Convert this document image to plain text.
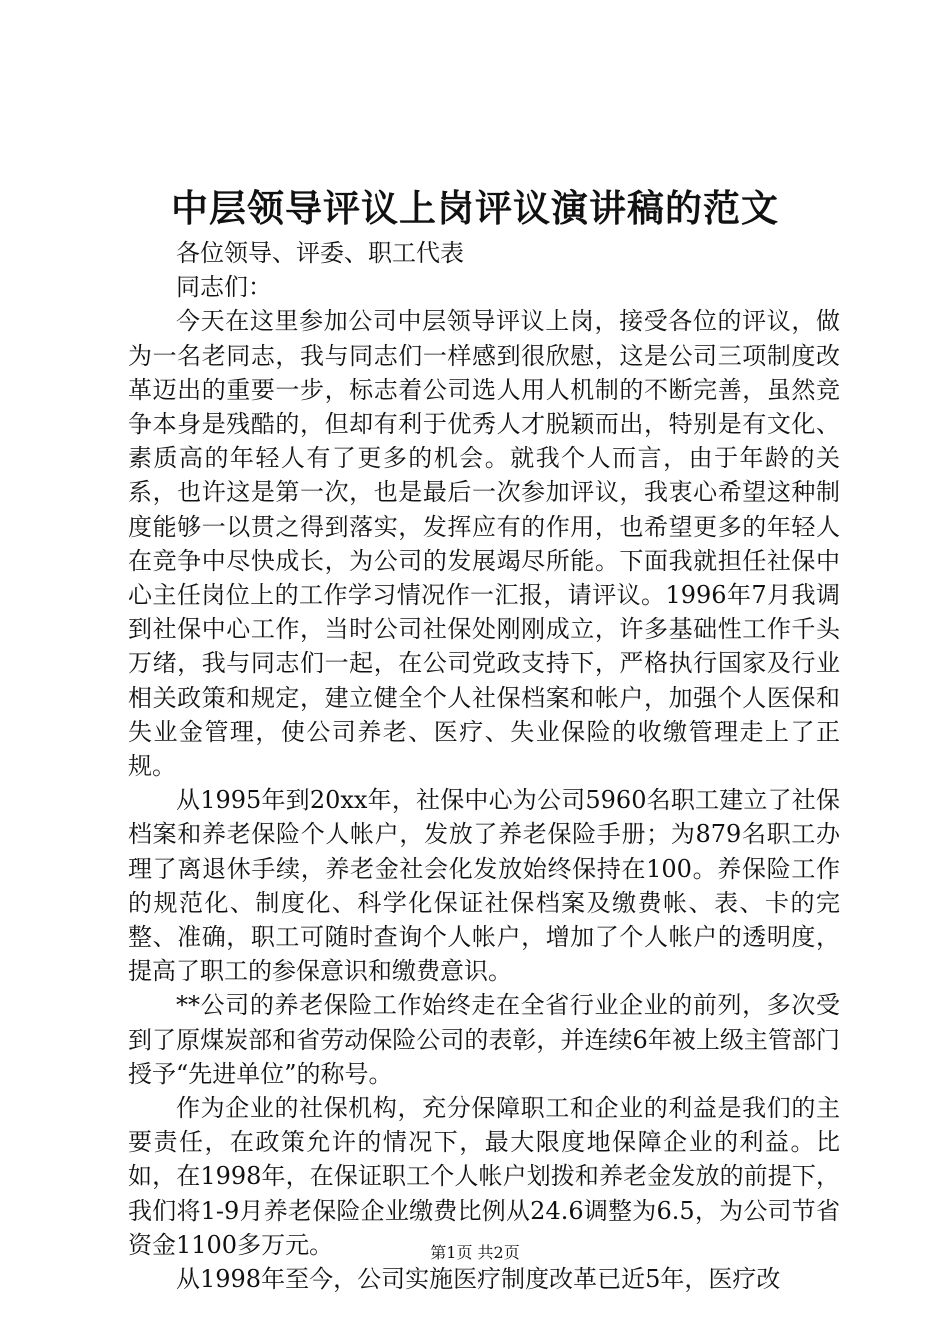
中层领导评议上岗评议演讲稿的范文

各位领导、评委、职工代表

同志们：

今天在这里参加公司中层领导评议上岗，接受各位的评议，做为一名老同志，我与同志们一样感到很欣慰，这是公司三项制度改革迈出的重要一步，标志着公司选人用人机制的不断完善，虽然竞争本身是残酷的，但却有利于优秀人才脱颖而出，特别是有文化、素质高的年轻人有了更多的机会。就我个人而言，由于年龄的关系，也许这是第一次，也是最后一次参加评议，我衷心希望这种制度能够一以贯之得到落实，发挥应有的作用，也希望更多的年轻人在竞争中尽快成长，为公司的发展竭尽所能。下面我就担任社保中心主任岗位上的工作学习情况作一汇报，请评议。1996年7月我调到社保中心工作，当时公司社保处刚刚成立，许多基础性工作千头万绪，我与同志们一起，在公司党政支持下，严格执行国家及行业相关政策和规定，建立健全个人社保档案和帐户，加强个人医保和失业金管理，使公司养老、医疗、失业保险的收缴管理走上了正规。

从1995年到20xx年，社保中心为公司5960名职工建立了社保档案和养老保险个人帐户，发放了养老保险手册；为879名职工办理了离退休手续，养老金社会化发放始终保持在100。养保险工作的规范化、制度化、科学化保证社保档案及缴费帐、表、卡的完整、准确，职工可随时查询个人帐户，增加了个人帐户的透明度，提高了职工的参保意识和缴费意识。

**公司的养老保险工作始终走在全省行业企业的前列，多次受到了原煤炭部和省劳动保险公司的表彰，并连续6年被上级主管部门授予“先进单位”的称号。

作为企业的社保机构，充分保障职工和企业的利益是我们的主要责任，在政策允许的情况下，最大限度地保障企业的利益。比如，在1998年，在保证职工个人帐户划拨和养老金发放的前提下，我们将1-9月养老保险企业缴费比例从24.6调整为6.5，为公司节省资金1100多万元。

从1998年至今，公司实施医疗制度改革已近5年，医疗改

第1页 共2页
